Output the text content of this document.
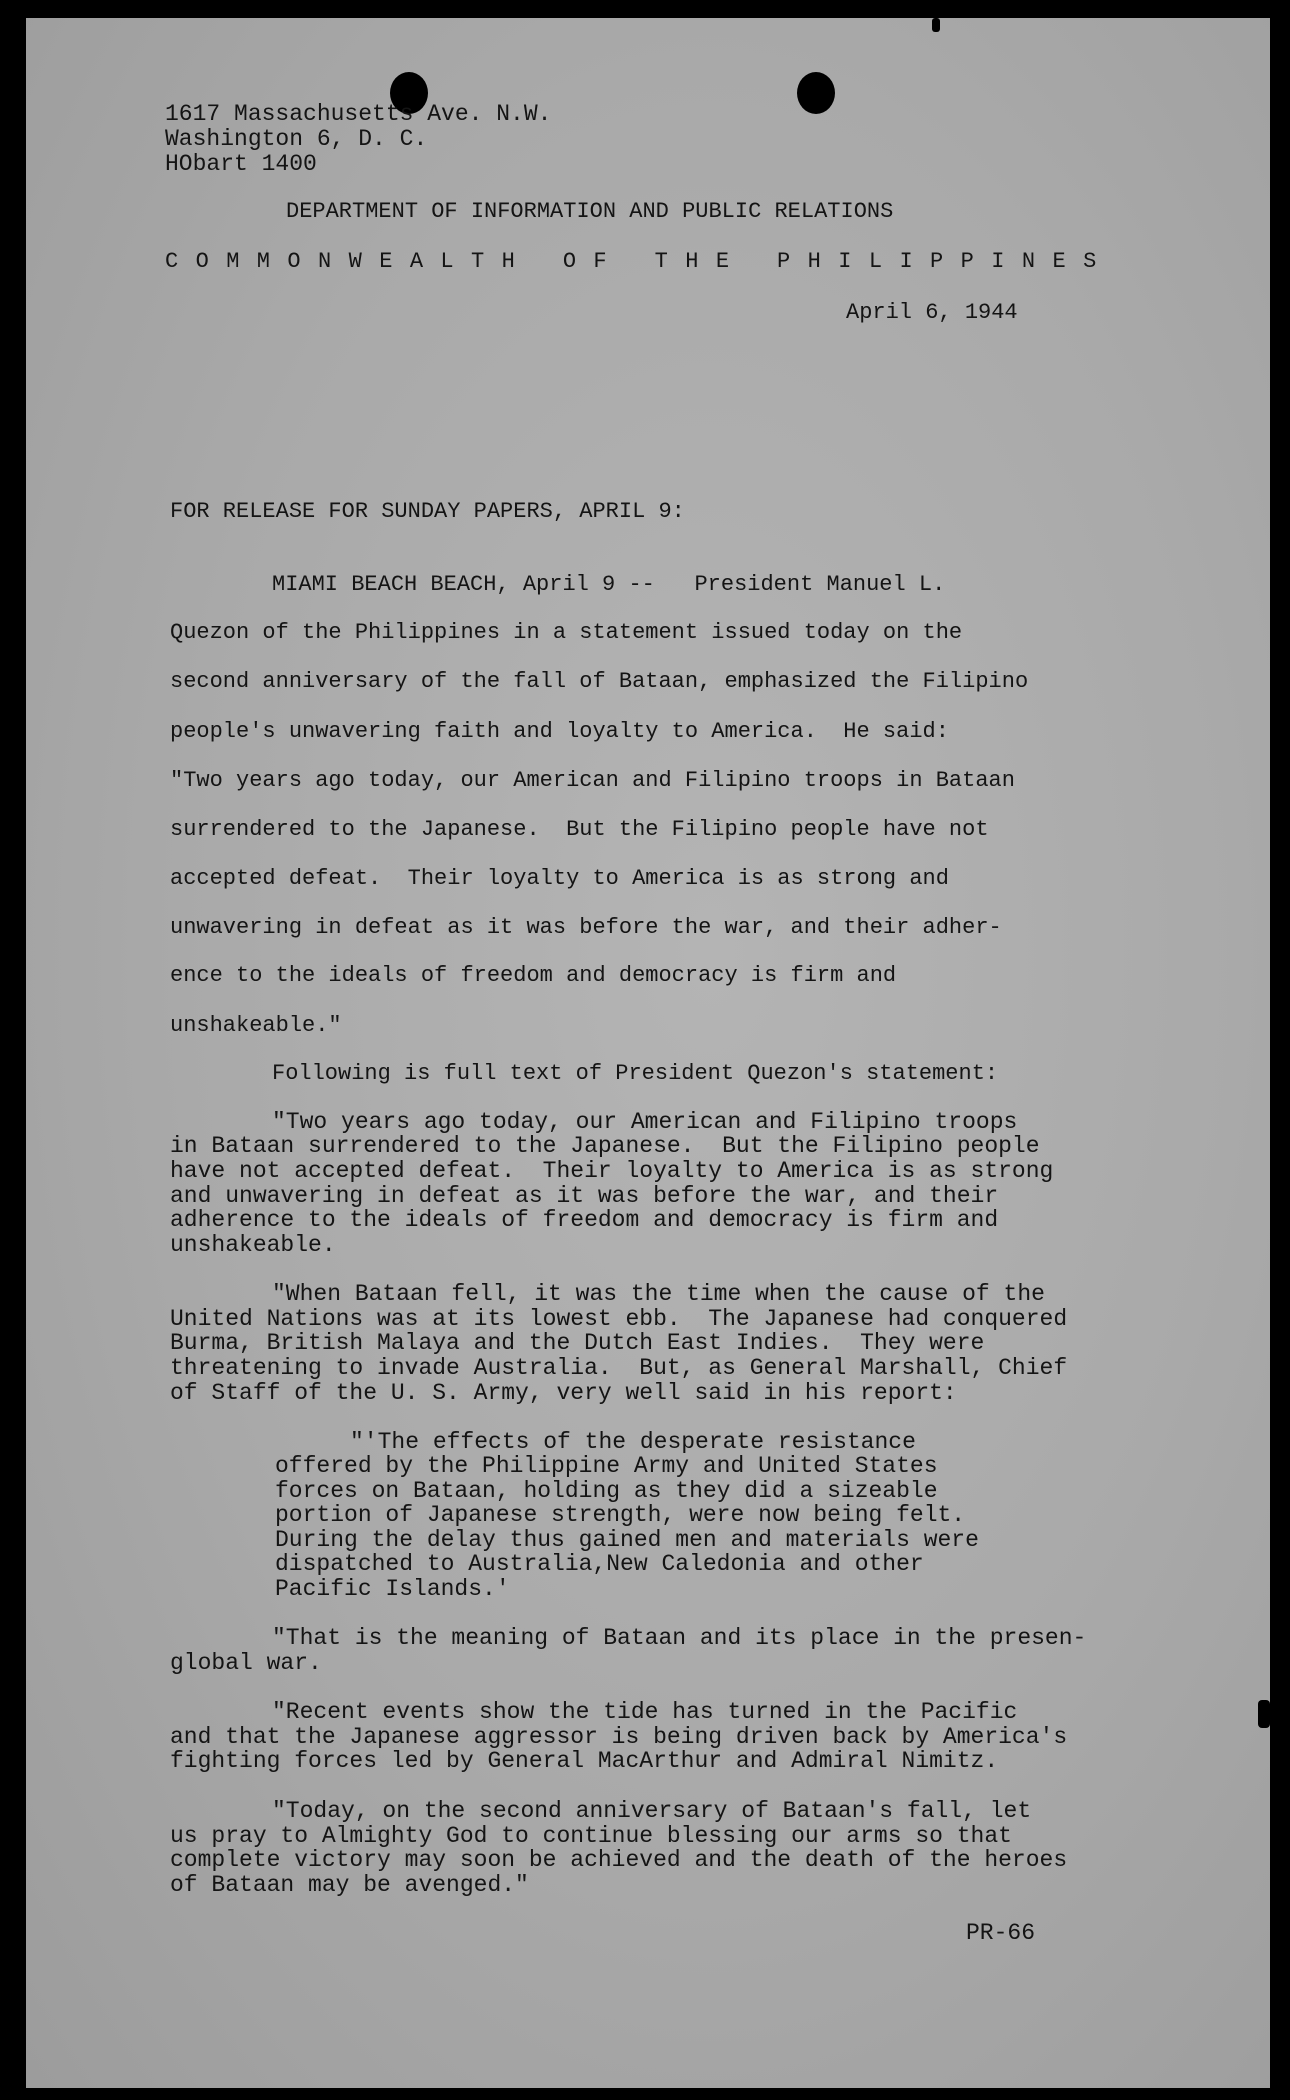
1617 Massachusetts Ave. N.W.
Washington 6, D. C.
HObart 1400
DEPARTMENT OF INFORMATION AND PUBLIC RELATIONS
COMMONWEALTH OF THE PHILIPPINES
April 6, 1944
FOR RELEASE FOR SUNDAY PAPERS, APRIL 9:
MIAMI BEACH BEACH, April 9 --   President Manuel L.
Quezon of the Philippines in a statement issued today on the
second anniversary of the fall of Bataan, emphasized the Filipino
people's unwavering faith and loyalty to America.  He said:
"Two years ago today, our American and Filipino troops in Bataan
surrendered to the Japanese.  But the Filipino people have not
accepted defeat.  Their loyalty to America is as strong and
unwavering in defeat as it was before the war, and their adher-
ence to the ideals of freedom and democracy is firm and
unshakeable."
Following is full text of President Quezon's statement:
"Two years ago today, our American and Filipino troops
in Bataan surrendered to the Japanese.  But the Filipino people
have not accepted defeat.  Their loyalty to America is as strong
and unwavering in defeat as it was before the war, and their
adherence to the ideals of freedom and democracy is firm and
unshakeable.
"When Bataan fell, it was the time when the cause of the
United Nations was at its lowest ebb.  The Japanese had conquered
Burma, British Malaya and the Dutch East Indies.  They were
threatening to invade Australia.  But, as General Marshall, Chief
of Staff of the U. S. Army, very well said in his report:
"'The effects of the desperate resistance
offered by the Philippine Army and United States
forces on Bataan, holding as they did a sizeable
portion of Japanese strength, were now being felt.
During the delay thus gained men and materials were
dispatched to Australia,New Caledonia and other
Pacific Islands.'
"That is the meaning of Bataan and its place in the presen-
global war.
"Recent events show the tide has turned in the Pacific
and that the Japanese aggressor is being driven back by America's
fighting forces led by General MacArthur and Admiral Nimitz.
"Today, on the second anniversary of Bataan's fall, let
us pray to Almighty God to continue blessing our arms so that
complete victory may soon be achieved and the death of the heroes
of Bataan may be avenged."
PR-66
